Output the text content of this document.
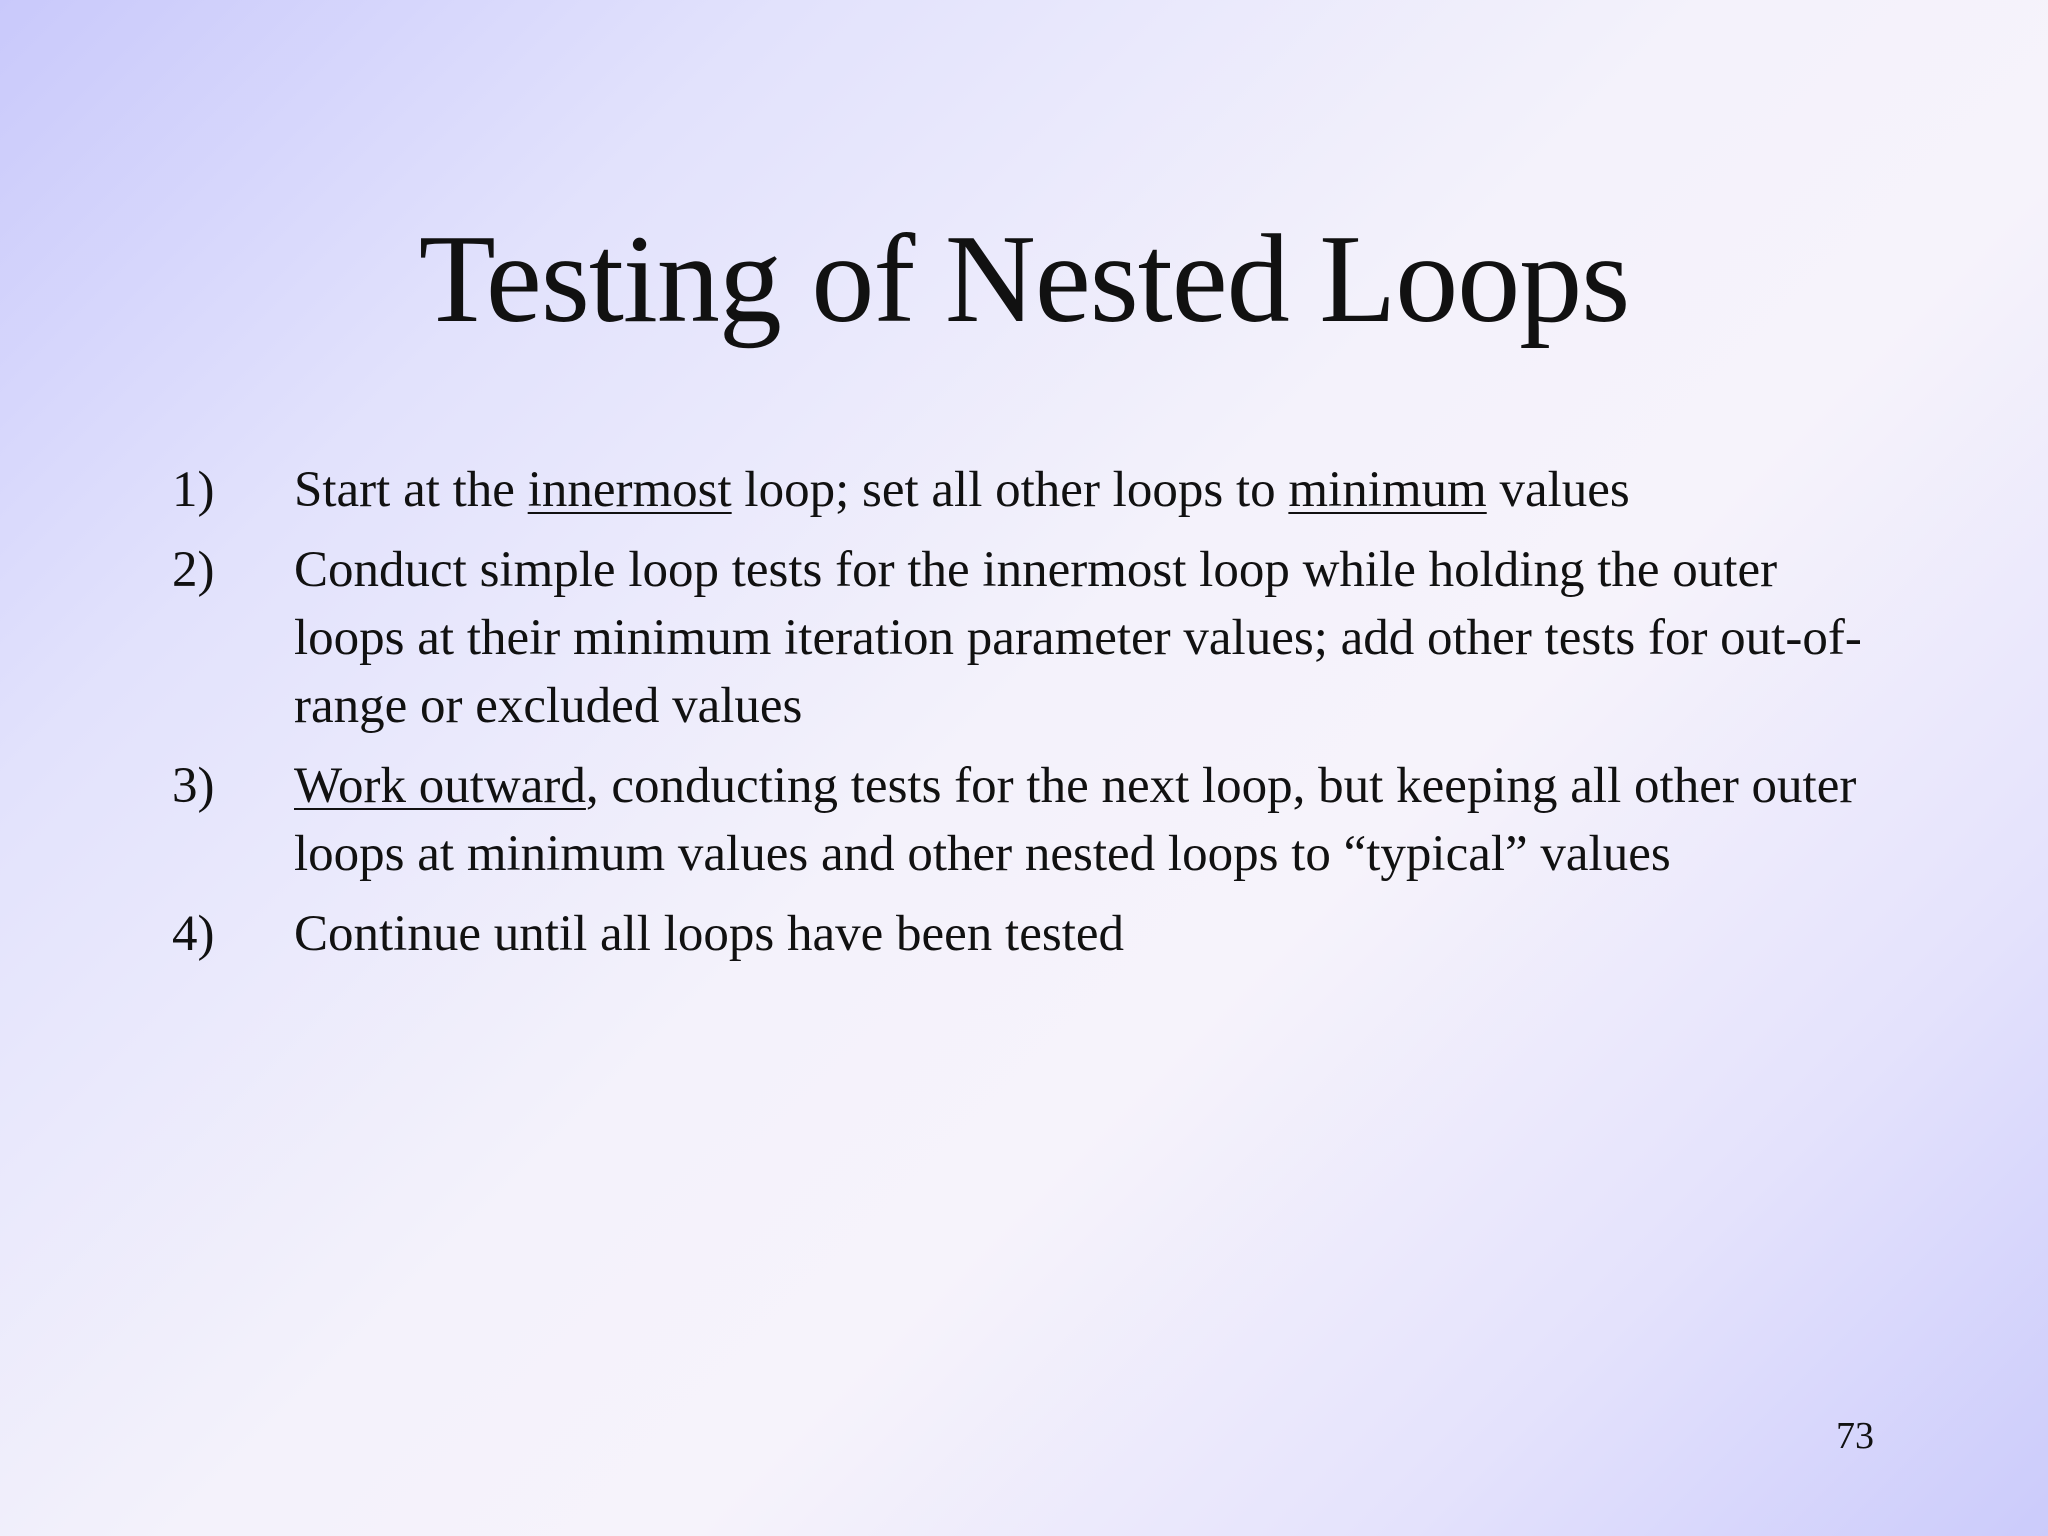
Testing of Nested Loops
1)	Start at the innermost loop; set all other loops to minimum values
2)	Conduct simple loop tests for the innermost loop while holding the outer loops at their minimum iteration parameter values; add other tests for out-of-range or excluded values
3)	Work outward, conducting tests for the next loop, but keeping all other outer loops at minimum values and other nested loops to “typical” values
4)	Continue until all loops have been tested
73
